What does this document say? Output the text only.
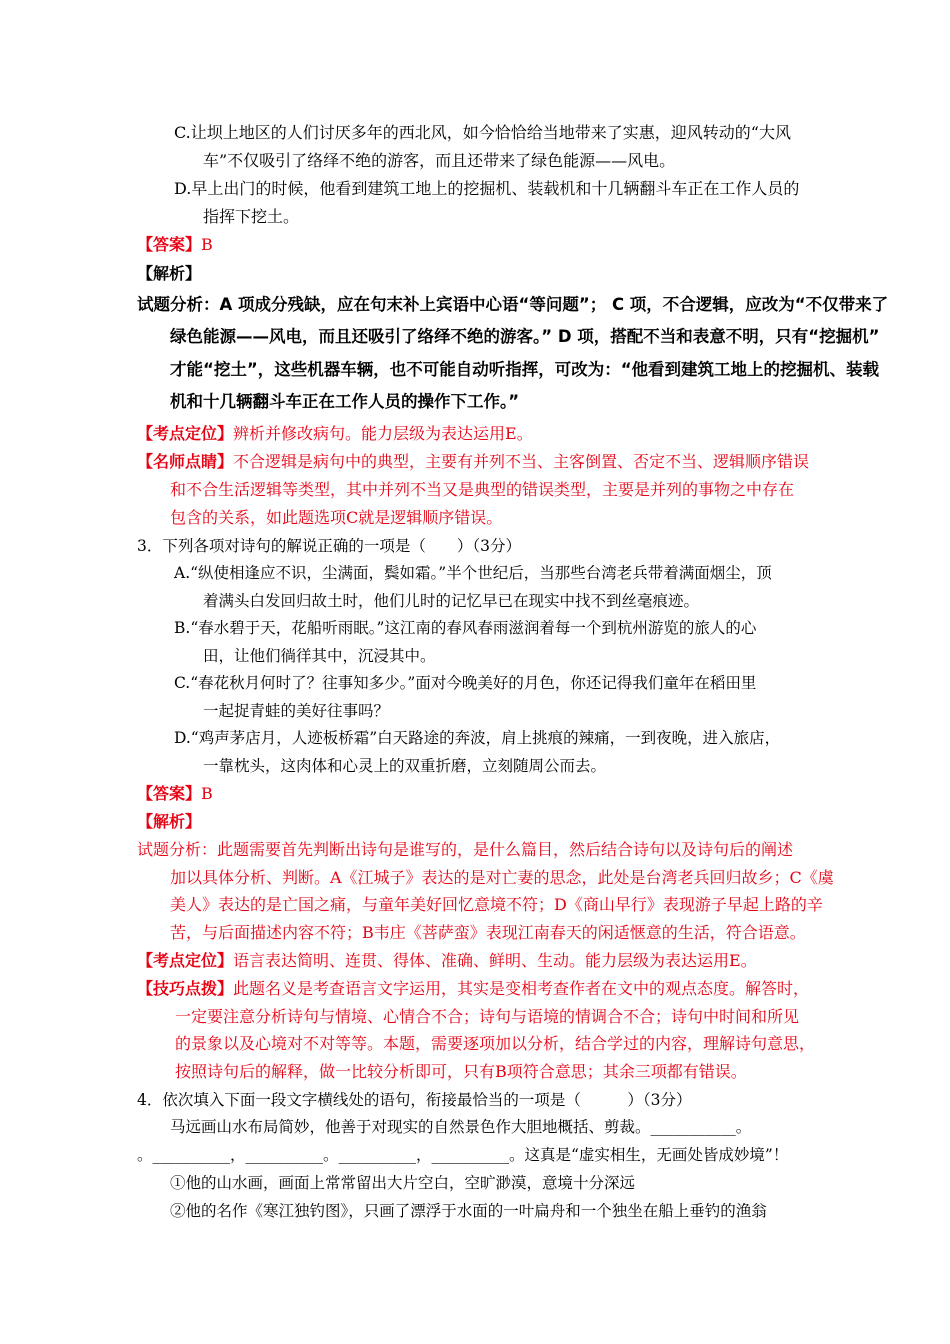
C.让坝上地区的人们讨厌多年的西北风，如今恰恰给当地带来了实惠，迎风转动的“大风
车”不仅吸引了络绎不绝的游客，而且还带来了绿色能源——风电。
D.早上出门的时候，他看到建筑工地上的挖掘机、装载机和十几辆翻斗车正在工作人员的
指挥下挖土。
【答案】B
【解析】
试题分析：A 项成分残缺，应在句末补上宾语中心语“等问题”； C 项，不合逻辑，应改为“不仅带来了
绿色能源——风电，而且还吸引了络绎不绝的游客。” D 项，搭配不当和表意不明，只有“挖掘机”
才能“挖土”，这些机器车辆，也不可能自动听指挥，可改为：“他看到建筑工地上的挖掘机、装载
机和十几辆翻斗车正在工作人员的操作下工作。”
【考点定位】辨析并修改病句。能力层级为表达运用E。
【名师点睛】不合逻辑是病句中的典型，主要有并列不当、主客倒置、否定不当、逻辑顺序错误
和不合生活逻辑等类型，其中并列不当又是典型的错误类型，主要是并列的事物之中存在
包含的关系，如此题选项C就是逻辑顺序错误。
3．下列各项对诗句的解说正确的一项是（　　）（3分）
A.“纵使相逢应不识，尘满面，鬓如霜。”半个世纪后，当那些台湾老兵带着满面烟尘，顶
着满头白发回归故土时，他们儿时的记忆早已在现实中找不到丝毫痕迹。
B.“春水碧于天，花船听雨眠。”这江南的春风春雨滋润着每一个到杭州游览的旅人的心
田，让他们徜徉其中，沉浸其中。
C.“春花秋月何时了？往事知多少。”面对今晚美好的月色，你还记得我们童年在稻田里
一起捉青蛙的美好往事吗？
D.“鸡声茅店月，人迹板桥霜”白天路途的奔波，肩上挑痕的辣痛，一到夜晚，进入旅店，
一靠枕头，这肉体和心灵上的双重折磨，立刻随周公而去。
【答案】B
【解析】
试题分析：此题需要首先判断出诗句是谁写的，是什么篇目，然后结合诗句以及诗句后的阐述
加以具体分析、判断。A《江城子》表达的是对亡妻的思念，此处是台湾老兵回归故乡；C《虞
美人》表达的是亡国之痛，与童年美好回忆意境不符；D《商山早行》表现游子早起上路的辛
苦，与后面描述内容不符；B韦庄《菩萨蛮》表现江南春天的闲适惬意的生活，符合语意。
【考点定位】语言表达简明、连贯、得体、准确、鲜明、生动。能力层级为表达运用E。
【技巧点拨】此题名义是考查语言文字运用，其实是变相考查作者在文中的观点态度。解答时，
一定要注意分析诗句与情境、心情合不合；诗句与语境的情调合不合；诗句中时间和所见
的景象以及心境对不对等等。本题，需要逐项加以分析，结合学过的内容，理解诗句意思，
按照诗句后的解释，做一比较分析即可，只有B项符合意思；其余三项都有错误。
4．依次填入下面一段文字横线处的语句，衔接最恰当的一项是（　　　）（3分）
马远画山水布局简妙，他善于对现实的自然景色作大胆地概括、剪裁。___________。
。__________，__________。__________，__________。这真是“虚实相生，无画处皆成妙境”！
①他的山水画，画面上常常留出大片空白，空旷渺漠，意境十分深远
②他的名作《寒江独钓图》，只画了漂浮于水面的一叶扁舟和一个独坐在船上垂钓的渔翁
